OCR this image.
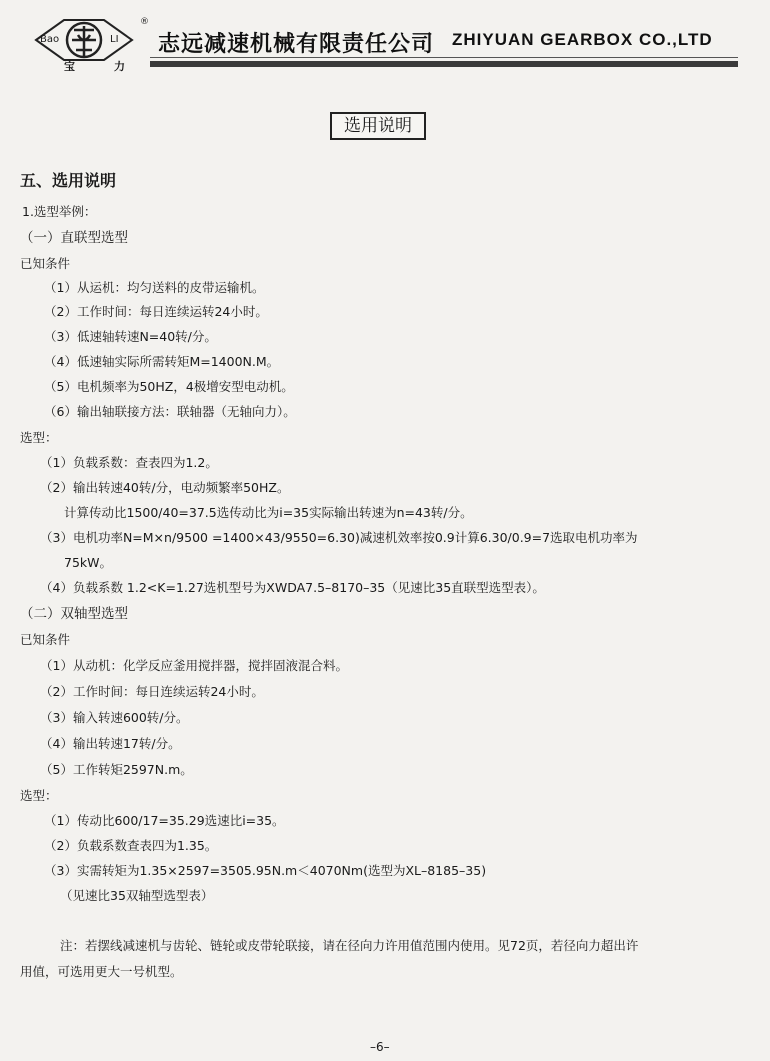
Bao	LI
®
宝	力
志远减速机械有限责任公司 ZHIYUAN GEARBOX CO.,LTD
选用说明
五、选用说明
1.选型举例：
（一）直联型选型
已知条件
（1）从运机：均匀送料的皮带运输机。
（2）工作时间：每日连续运转24小时。
（3）低速轴转速N=40转/分。
（4）低速轴实际所需转矩M=1400N.M。
（5）电机频率为50HZ，4极增安型电动机。
（6）输出轴联接方法：联轴器（无轴向力）。
选型：
（1）负载系数：查表四为1.2。
（2）输出转速40转/分，电动频繁率50HZ。
计算传动比1500/40=37.5选传动比为i=35实际输出转速为n=43转/分。
（3）电机功率N=M×n/9500 =1400×43/9550=6.30)减速机效率按0.9计算6.30/0.9=7选取电机功率为
75kW。
（4）负载系数 1.2<K=1.27选机型号为XWDA7.5–8170–35（见速比35直联型选型表）。
（二）双轴型选型
已知条件
（1）从动机：化学反应釜用搅拌器，搅拌固液混合料。
（2）工作时间：每日连续运转24小时。
（3）输入转速600转/分。
（4）输出转速17转/分。
（5）工作转矩2597N.m。
选型：
（1）传动比600/17=35.29选速比i=35。
（2）负载系数查表四为1.35。
（3）实需转矩为1.35×2597=3505.95N.m＜4070Nm(选型为XL–8185–35)
（见速比35双轴型选型表）
注：若摆线减速机与齿轮、链轮或皮带轮联接，请在径向力许用值范围内使用。见72页，若径向力超出许
用值，可选用更大一号机型。
–6–
